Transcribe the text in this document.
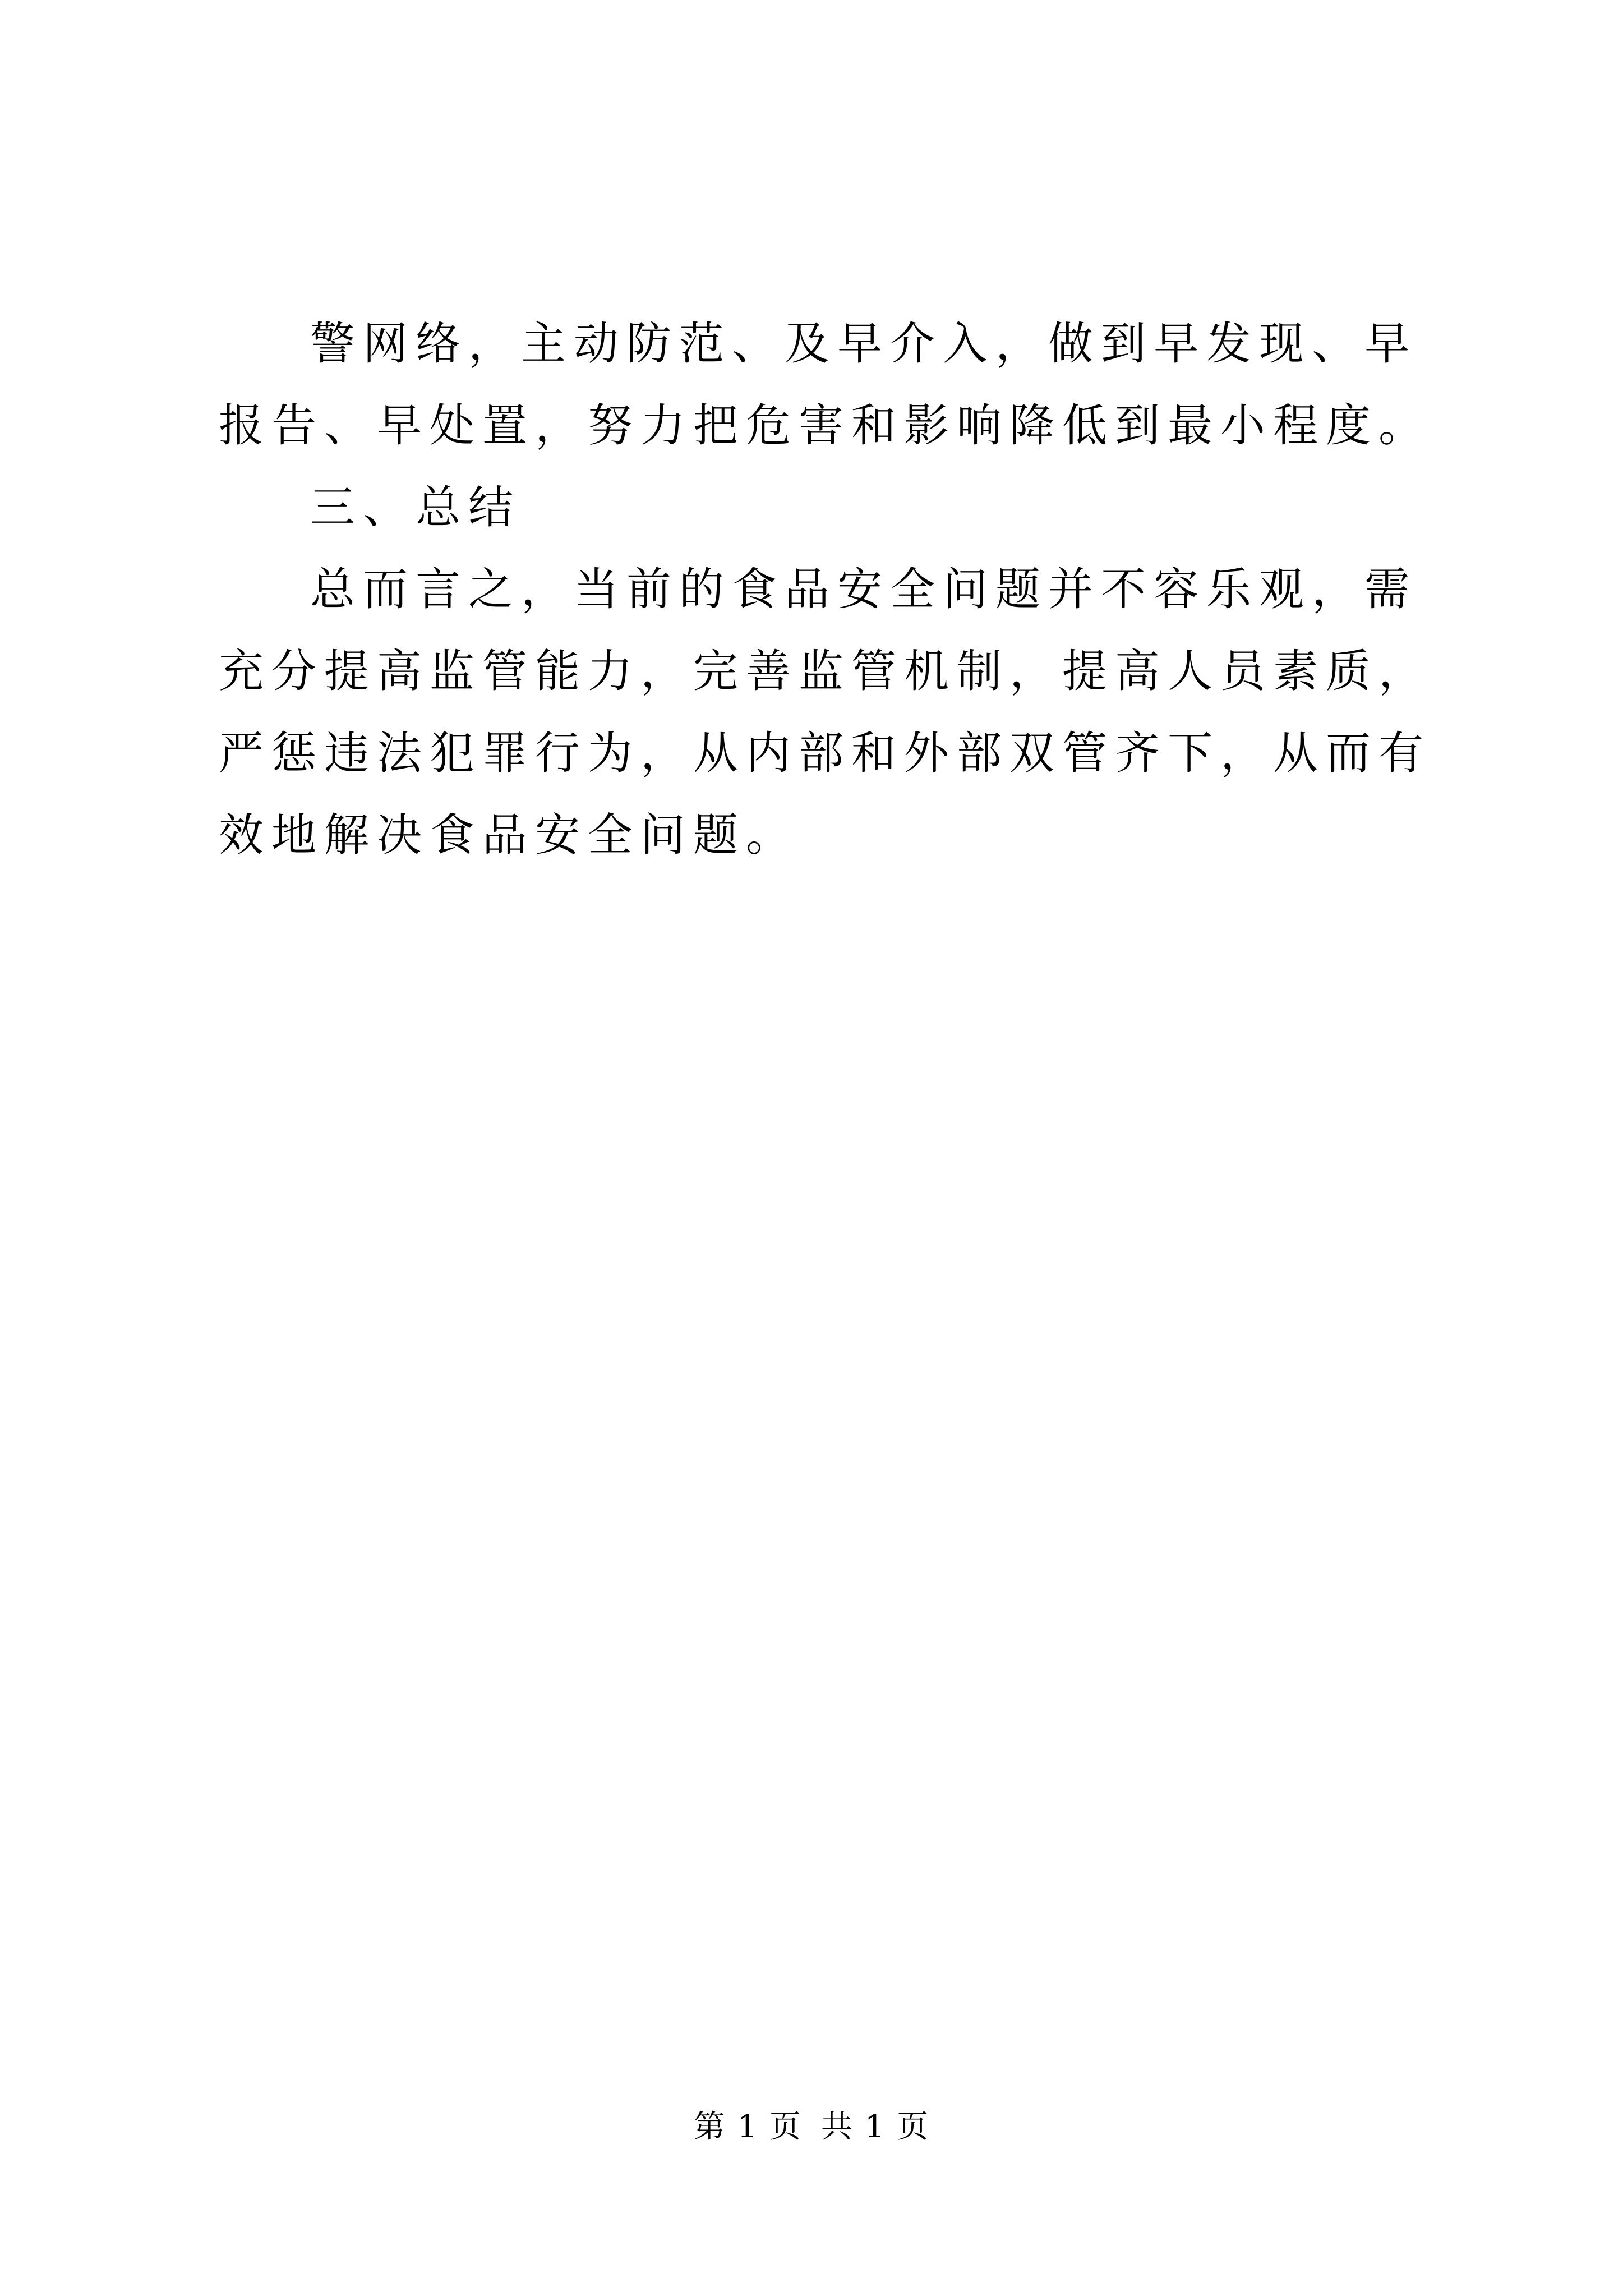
警网络，主动防范、及早介入，做到早发现、早报告、早处置，努力把危害和影响降低到最小程度。

三、总结

总而言之，当前的食品安全问题并不容乐观，需充分提高监管能力，完善监管机制，提高人员素质，严惩违法犯罪行为，从内部和外部双管齐下，从而有效地解决食品安全问题。

第 1 页 共 1 页
